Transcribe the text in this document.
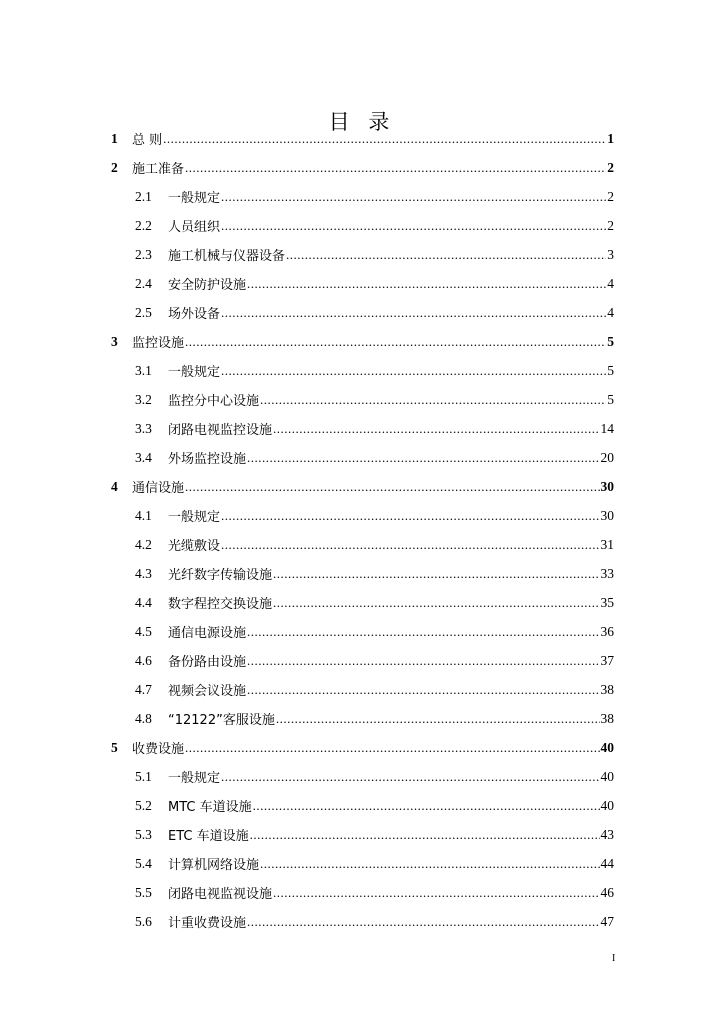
目 录
1	总 则 .....	1
2	施工准备 .....	2
2.1	一般规定 .....	2
2.2	人员组织 .....	2
2.3	施工机械与仪器设备 .....	3
2.4	安全防护设施 .....	4
2.5	场外设备 .....	4
3	监控设施 .....	5
3.1	一般规定 .....	5
3.2	监控分中心设施 .....	5
3.3	闭路电视监控设施 .....	14
3.4	外场监控设施 .....	20
4	通信设施 .....	30
4.1	一般规定 .....	30
4.2	光缆敷设 .....	31
4.3	光纤数字传输设施 .....	33
4.4	数字程控交换设施 .....	35
4.5	通信电源设施 .....	36
4.6	备份路由设施 .....	37
4.7	视频会议设施 .....	38
4.8	“12122”客服设施 .....	38
5	收费设施 .....	40
5.1	一般规定 .....	40
5.2	MTC 车道设施 .....	40
5.3	ETC 车道设施 .....	43
5.4	计算机网络设施 .....	44
5.5	闭路电视监视设施 .....	46
5.6	计重收费设施 .....	47
I
